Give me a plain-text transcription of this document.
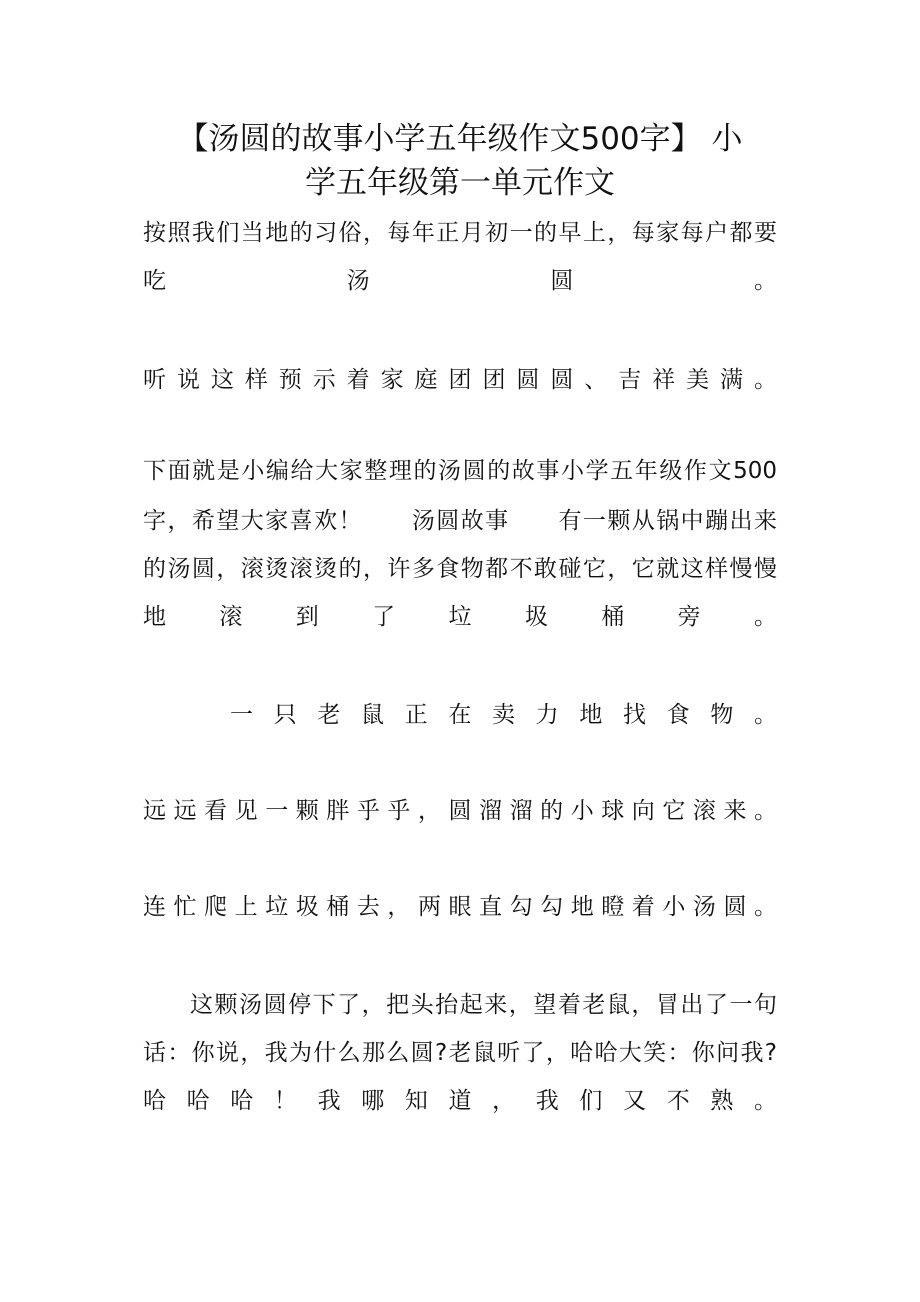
【汤圆的故事小学五年级作文500字】 小
学五年级第一单元作文
按​照​我​们​当​地​的​习​俗​，​每​年​正​月​初​一​的​早​上​，​每​家​每​户​都​要
吃​汤​圆​。
听​说​这​样​预​示​着​家​庭​团​团​圆​圆​、​吉​祥​美​满​。
下​面​就​是​小​编​给​大​家​整​理​的​汤​圆​的​故​事​小​学​五​年​级​作​文​5​0​0
字​，​希​望​大​家​喜​欢​！​　​　​汤​圆​故​事​　​　​有​一​颗​从​锅​中​蹦​出​来
的​汤​圆​，​滚​烫​滚​烫​的​，​许​多​食​物​都​不​敢​碰​它​，​它​就​这​样​慢​慢
地​滚​到​了​垃​圾​桶​旁​。
一​只​老​鼠​正​在​卖​力​地​找​食​物​。
远​远​看​见​一​颗​胖​乎​乎​，​圆​溜​溜​的​小​球​向​它​滚​来​。
连​忙​爬​上​垃​圾​桶​去​，​两​眼​直​勾​勾​地​瞪​着​小​汤​圆​。
这​颗​汤​圆​停​下​了​，​把​头​抬​起​来​，​望​着​老​鼠​，​冒​出​了​一​句
话​：​你​说​，​我​为​什​么​那​么​圆​?​老​鼠​听​了​，​哈​哈​大​笑​：​你​问​我​?
哈​哈​哈​！​我​哪​知​道​，​我​们​又​不​熟​。
